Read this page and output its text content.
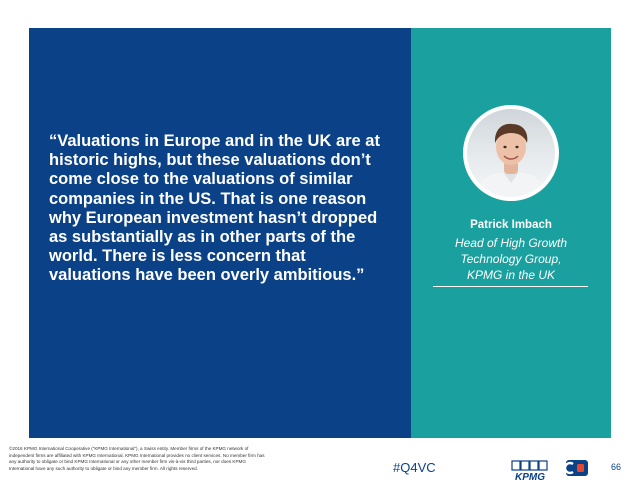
“Valuations in Europe and in the UK are at historic highs, but these valuations don’t come close to the valuations of similar companies in the US. That is one reason why European investment hasn’t dropped as substantially as in other parts of the world. There is less concern that valuations have been overly ambitious.”

Patrick Imbach
Head of High Growth
Technology Group,
KPMG in the UK
©2016 KPMG International Cooperative (“KPMG International”), a Swiss entity. Member firms of the KPMG network of independent firms are affiliated with KPMG International. KPMG International provides no client services. No member firm has any authority to obligate or bind KPMG International or any other member firm vis-à-vis third parties, nor does KPMG International have any such authority to obligate or bind any member firm. All rights reserved.	#Q4VC
KPMG
66
